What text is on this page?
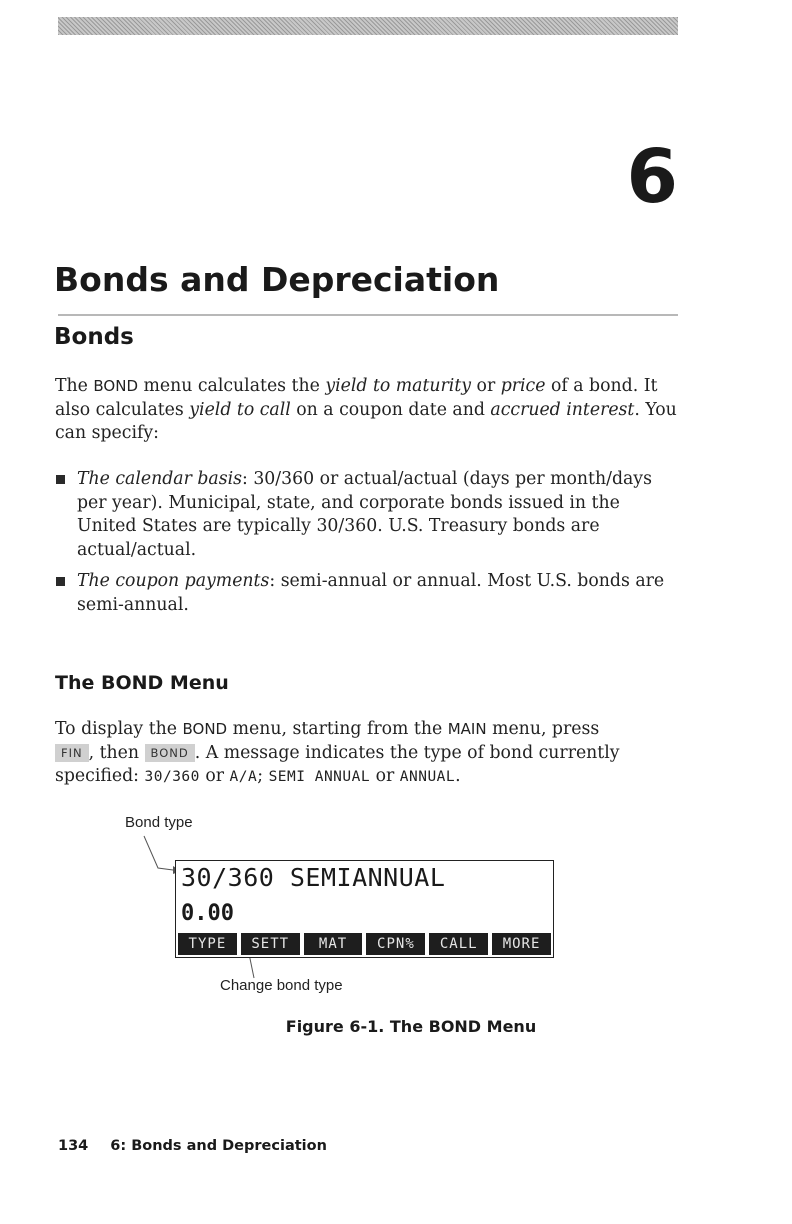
6
Bonds and Depreciation
Bonds

The BOND menu calculates the yield to maturity or price of a bond. It also calculates yield to call on a coupon date and accrued interest. You can specify:

The calendar basis: 30/360 or actual/actual (days per month/days per year). Municipal, state, and corporate bonds issued in the United States are typically 30/360. U.S. Treasury bonds are actual/actual.
The coupon payments: semi-annual or annual. Most U.S. bonds are semi-annual.
The BOND Menu

To display the BOND menu, starting from the MAIN menu, press
FIN , then BOND . A message indicates the type of bond currently
specified: 30/360 or A/A; SEMI ANNUAL or ANNUAL.

Bond type
30/360 SEMIANNUAL
0.00
TYPE	SETT	MAT	CPN%	CALL	MORE
Change bond type

Figure 6-1. The BOND Menu

134 6: Bonds and Depreciation
